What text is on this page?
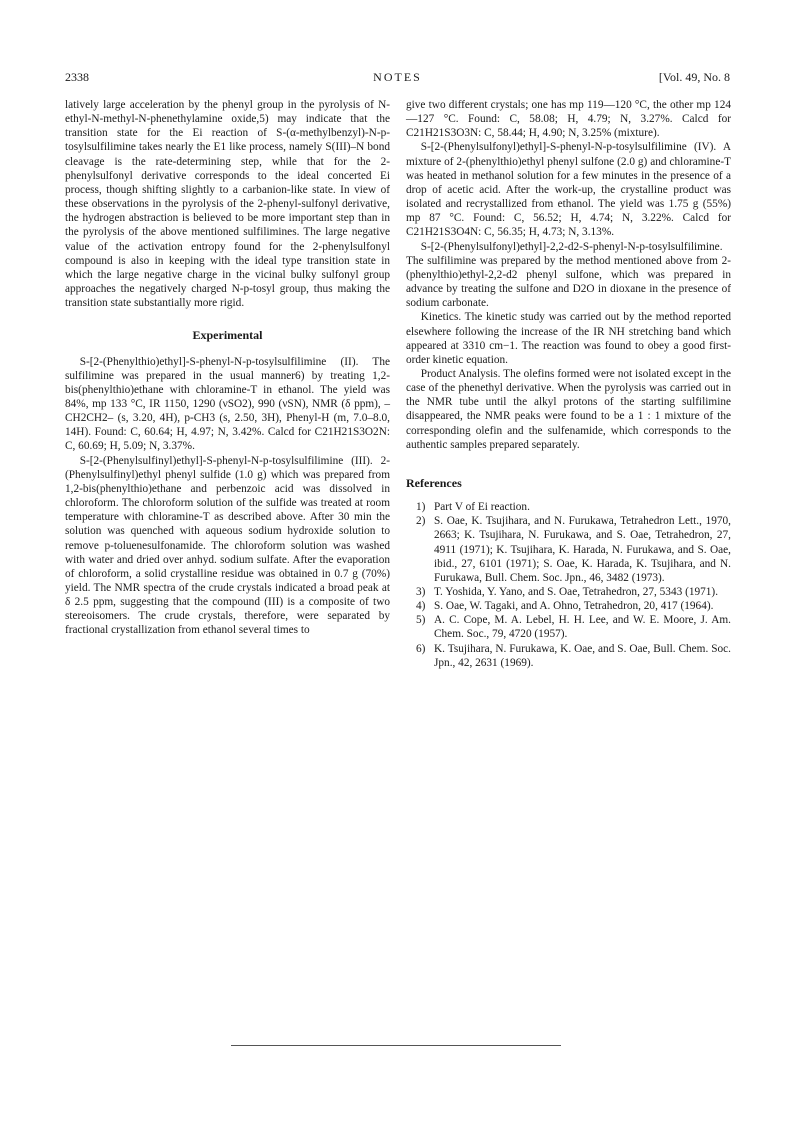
2338	NOTES	[Vol. 49, No. 8

latively large acceleration by the phenyl group in the pyrolysis of N-ethyl-N-methyl-N-phenethylamine oxide,5) may indicate that the transition state for the Ei reaction of S-(α-methylbenzyl)-N-p-tosylsulfilimine takes nearly the E1 like process, namely S(III)–N bond cleavage is the rate-determining step, while that for the 2-phenylsulfonyl derivative corresponds to the ideal concerted Ei process, though shifting slightly to a carbanion-like state. In view of these observations in the pyrolysis of the 2-phenyl-sulfonyl derivative, the hydrogen abstraction is believed to be more important step than in the pyrolysis of the above mentioned sulfilimines. The large negative value of the activation entropy found for the 2-phenylsulfonyl compound is also in keeping with the ideal type transition state in which the large negative charge in the vicinal bulky sulfonyl group approaches the negatively charged N-p-tosyl group, thus making the transition state substantially more rigid.

Experimental

S-[2-(Phenylthio)ethyl]-S-phenyl-N-p-tosylsulfilimine (II). The sulfilimine was prepared in the usual manner6) by treating 1,2-bis(phenylthio)ethane with chloramine-T in ethanol. The yield was 84%, mp 133 °C, IR 1150, 1290 (νSO2), 990 (νSN), NMR (δ ppm), –CH2CH2– (s, 3.20, 4H), p-CH3 (s, 2.50, 3H), Phenyl-H (m, 7.0–8.0, 14H). Found: C, 60.64; H, 4.97; N, 3.42%. Calcd for C21H21S3O2N: C, 60.69; H, 5.09; N, 3.37%.

S-[2-(Phenylsulfinyl)ethyl]-S-phenyl-N-p-tosylsulfilimine (III). 2-(Phenylsulfinyl)ethyl phenyl sulfide (1.0 g) which was prepared from 1,2-bis(phenylthio)ethane and perbenzoic acid was dissolved in chloroform. The chloroform solution of the sulfide was treated at room temperature with chloramine-T as described above. After 30 min the solution was quenched with aqueous sodium hydroxide solution to remove p-toluenesulfonamide. The chloroform solution was washed with water and dried over anhyd. sodium sulfate. After the evaporation of chloroform, a solid crystalline residue was obtained in 0.7 g (70%) yield. The NMR spectra of the crude crystals indicated a broad peak at δ 2.5 ppm, suggesting that the compound (III) is a composite of two stereoisomers. The crude crystals, therefore, were separated by fractional crystallization from ethanol several times to

give two different crystals; one has mp 119—120 °C, the other mp 124—127 °C. Found: C, 58.08; H, 4.79; N, 3.27%. Calcd for C21H21S3O3N: C, 58.44; H, 4.90; N, 3.25% (mixture).

S-[2-(Phenylsulfonyl)ethyl]-S-phenyl-N-p-tosylsulfilimine (IV). A mixture of 2-(phenylthio)ethyl phenyl sulfone (2.0 g) and chloramine-T was heated in methanol solution for a few minutes in the presence of a drop of acetic acid. After the work-up, the crystalline product was isolated and recrystallized from ethanol. The yield was 1.75 g (55%) mp 87 °C. Found: C, 56.52; H, 4.74; N, 3.22%. Calcd for C21H21S3O4N: C, 56.35; H, 4.73; N, 3.13%.

S-[2-(Phenylsulfonyl)ethyl]-2,2-d2-S-phenyl-N-p-tosylsulfilimine. The sulfilimine was prepared by the method mentioned above from 2-(phenylthio)ethyl-2,2-d2 phenyl sulfone, which was prepared in advance by treating the sulfone and D2O in dioxane in the presence of sodium carbonate.

Kinetics. The kinetic study was carried out by the method reported elsewhere following the increase of the IR NH stretching band which appeared at 3310 cm−1. The reaction was found to obey a good first-order kinetic equation.

Product Analysis. The olefins formed were not isolated except in the case of the phenethyl derivative. When the pyrolysis was carried out in the NMR tube until the alkyl protons of the starting sulfilimine disappeared, the NMR peaks were found to be a 1 : 1 mixture of the corresponding olefin and the sulfenamide, which corresponds to the authentic samples prepared separately.

References
1) Part V of Ei reaction.
2) S. Oae, K. Tsujihara, and N. Furukawa, Tetrahedron Lett., 1970, 2663; K. Tsujihara, N. Furukawa, and S. Oae, Tetrahedron, 27, 4911 (1971); K. Tsujihara, K. Harada, N. Furukawa, and S. Oae, ibid., 27, 6101 (1971); S. Oae, K. Harada, K. Tsujihara, and N. Furukawa, Bull. Chem. Soc. Jpn., 46, 3482 (1973).
3) T. Yoshida, Y. Yano, and S. Oae, Tetrahedron, 27, 5343 (1971).
4) S. Oae, W. Tagaki, and A. Ohno, Tetrahedron, 20, 417 (1964).
5) A. C. Cope, M. A. Lebel, H. H. Lee, and W. E. Moore, J. Am. Chem. Soc., 79, 4720 (1957).
6) K. Tsujihara, N. Furukawa, K. Oae, and S. Oae, Bull. Chem. Soc. Jpn., 42, 2631 (1969).
